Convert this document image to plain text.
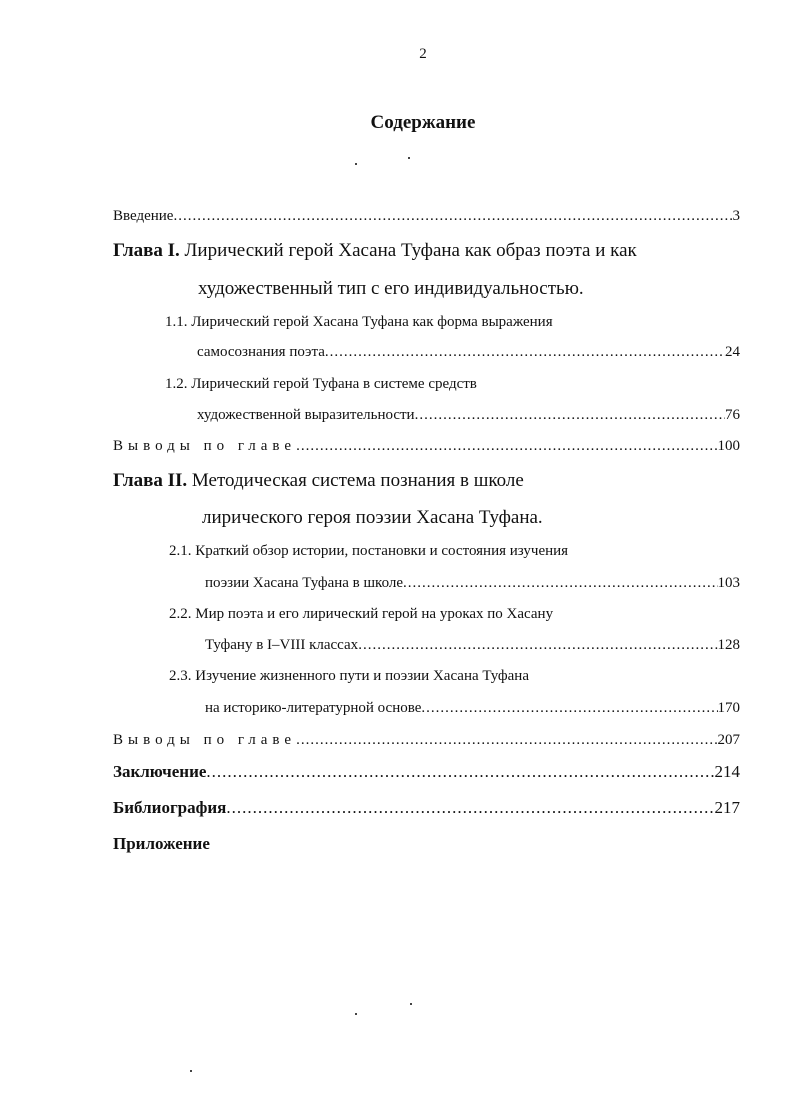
2
Содержание
Введение .....	3
Глава I. Лирический герой Хасана Туфана как образ поэта и как
художественный тип с его индивидуальностью.
1.1. Лирический герой Хасана Туфана как форма выражения
самосознания поэта .....	24
1.2. Лирический герой Туфана в системе средств
художественной выразительности .....	76
Выводы по главе .....	100
Глава II. Методическая система познания в школе
лирического героя поэзии Хасана Туфана.
2.1. Краткий обзор истории, постановки и состояния изучения
поэзии Хасана Туфана в школе .....	103
2.2. Мир поэта и его лирический герой на уроках по Хасану
Туфану в I–VIII классах .....	128
2.3. Изучение жизненного пути и поэзии Хасана Туфана
на историко-литературной основе .....	170
Выводы по главе .....	207
Заключение .....	214
Библиография .....	217
Приложение
